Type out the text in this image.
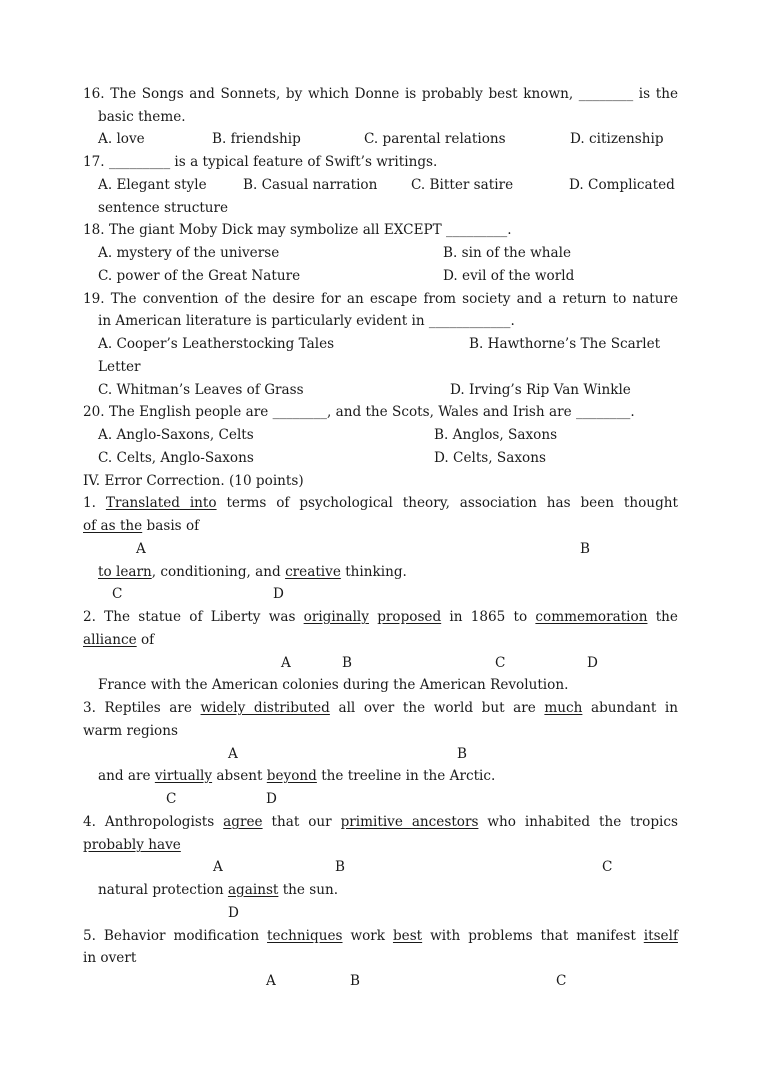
16. The Songs and Sonnets, by which Donne is probably best known, ________ is the
basic theme.
A. love	B. friendship	C. parental relations	D. citizenship
17. _________ is a typical feature of Swift’s writings.
A. Elegant style	B. Casual narration C. Bitter satire	D. Complicated
sentence structure
18. The giant Moby Dick may symbolize all EXCEPT _________.
A. mystery of the universe	B. sin of the whale
C. power of the Great Nature	D. evil of the world
19. The convention of the desire for an escape from society and a return to nature
in American literature is particularly evident in ____________.
A. Cooper’s Leatherstocking Tales	B. Hawthorne’s The Scarlet
Letter
C. Whitman’s Leaves of Grass	D. Irving’s Rip Van Winkle
20. The English people are ________, and the Scots, Wales and Irish are ________.
A. Anglo-Saxons, Celts	B. Anglos, Saxons
C. Celts, Anglo-Saxons	D. Celts, Saxons
IV. Error Correction. (10 points)
1. Translated into terms of psychological theory, association has been thought
of as the basis of
A	B
to learn, conditioning, and creative thinking.
C	D
2. The statue of Liberty was originally proposed in 1865 to commemoration the
alliance of
A	B	C	D
France with the American colonies during the American Revolution.
3. Reptiles are widely distributed all over the world but are much abundant in
warm regions
A	B
and are virtually absent beyond the treeline in the Arctic.
C	D
4. Anthropologists agree that our primitive ancestors who inhabited the tropics
probably have
A	B	C
natural protection against the sun.
D
5. Behavior modification techniques work best with problems that manifest itself
in overt
A	B	C
